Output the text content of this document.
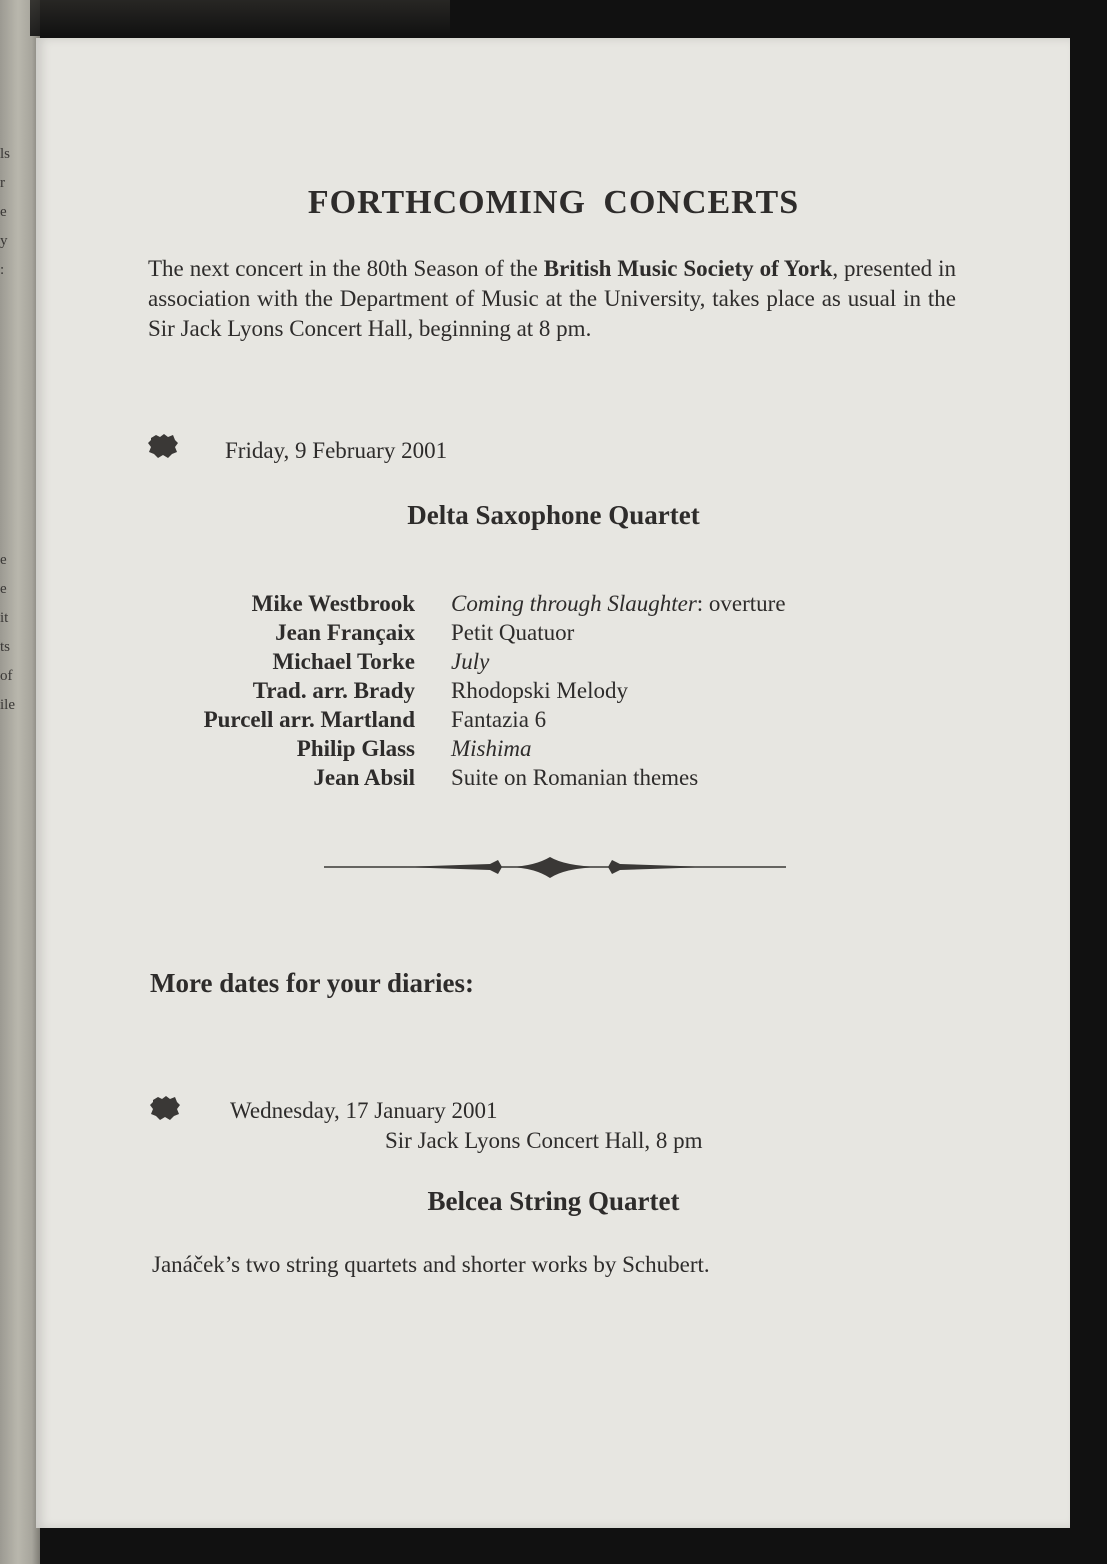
ls
r
e
y
:

e
e
it
ts
of
ile
FORTHCOMING CONCERTS
The next concert in the 80th Season of the British Music Society of York, presented in association with the Department of Music at the University, takes place as usual in the Sir Jack Lyons Concert Hall, beginning at 8 pm.
Friday, 9 February 2001
Delta Saxophone Quartet
Mike Westbrook Coming through Slaughter: overture
Jean Françaix Petit Quatuor
Michael Torke July
Trad. arr. Brady Rhodopski Melody
Purcell arr. Martland Fantazia 6
Philip Glass Mishima
Jean Absil Suite on Romanian themes
More dates for your diaries:
Wednesday, 17 January 2001
Sir Jack Lyons Concert Hall, 8 pm
Belcea String Quartet
Janáček’s two string quartets and shorter works by Schubert.
